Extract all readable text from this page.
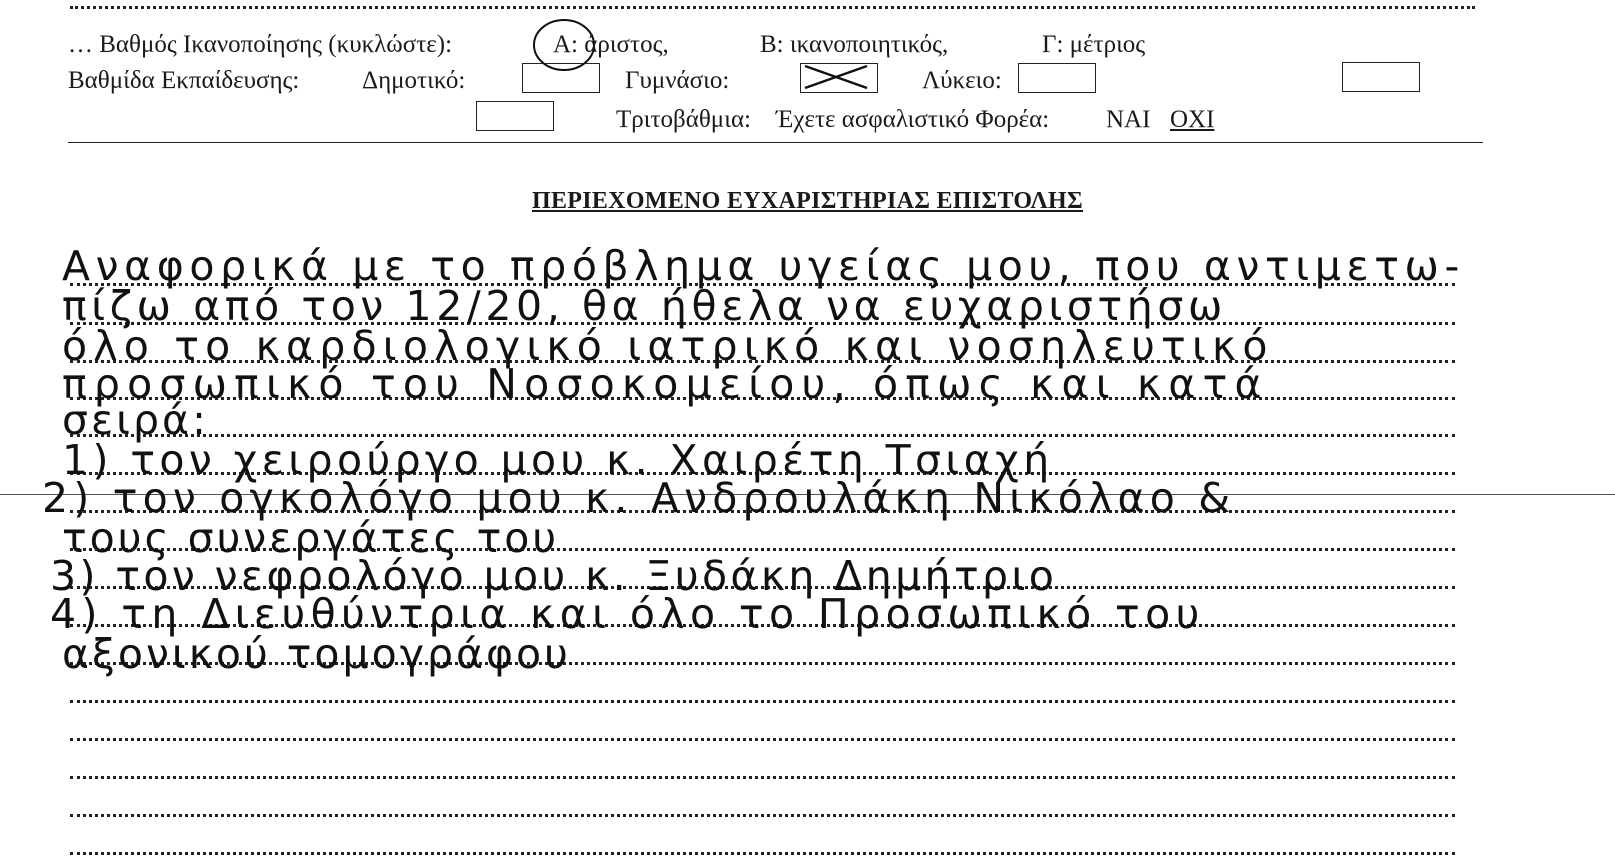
… Βαθμός Ικανοποίησης (κυκλώστε):	Α: άριστος,	Β: ικανοποιητικός,	Γ: μέτριος
Βαθμίδα Εκπαίδευσης:	Δημοτικό:	Γυμνάσιο:	Λύκειο:
Τριτοβάθμια: Έχετε ασφαλιστικό Φορέα: ΝΑΙ ΟΧΙ
ΠΕΡΙΕΧΟΜΕΝΟ ΕΥΧΑΡΙΣΤΗΡΙΑΣ ΕΠΙΣΤΟΛΗΣ
Αναφορικά με το πρόβλημα υγείας μου, που αντιμετω-
πίζω από τον 12/20, θα ήθελα να ευχαριστήσω
όλο το καρδιολογικό ιατρικό και νοσηλευτικό
προσωπικό του Νοσοκομείου, όπως και κατά
σειρά:
1) τον χειρούργο μου κ. Χαιρέτη Τσιαχή
2) τον ογκολόγο μου κ. Ανδρουλάκη Νικόλαο &
τους συνεργάτες του
3) τον νεφρολόγο μου κ. Ξυδάκη Δημήτριο
4) τη Διευθύντρια και όλο το Προσωπικό του
αξονικού τομογράφου
